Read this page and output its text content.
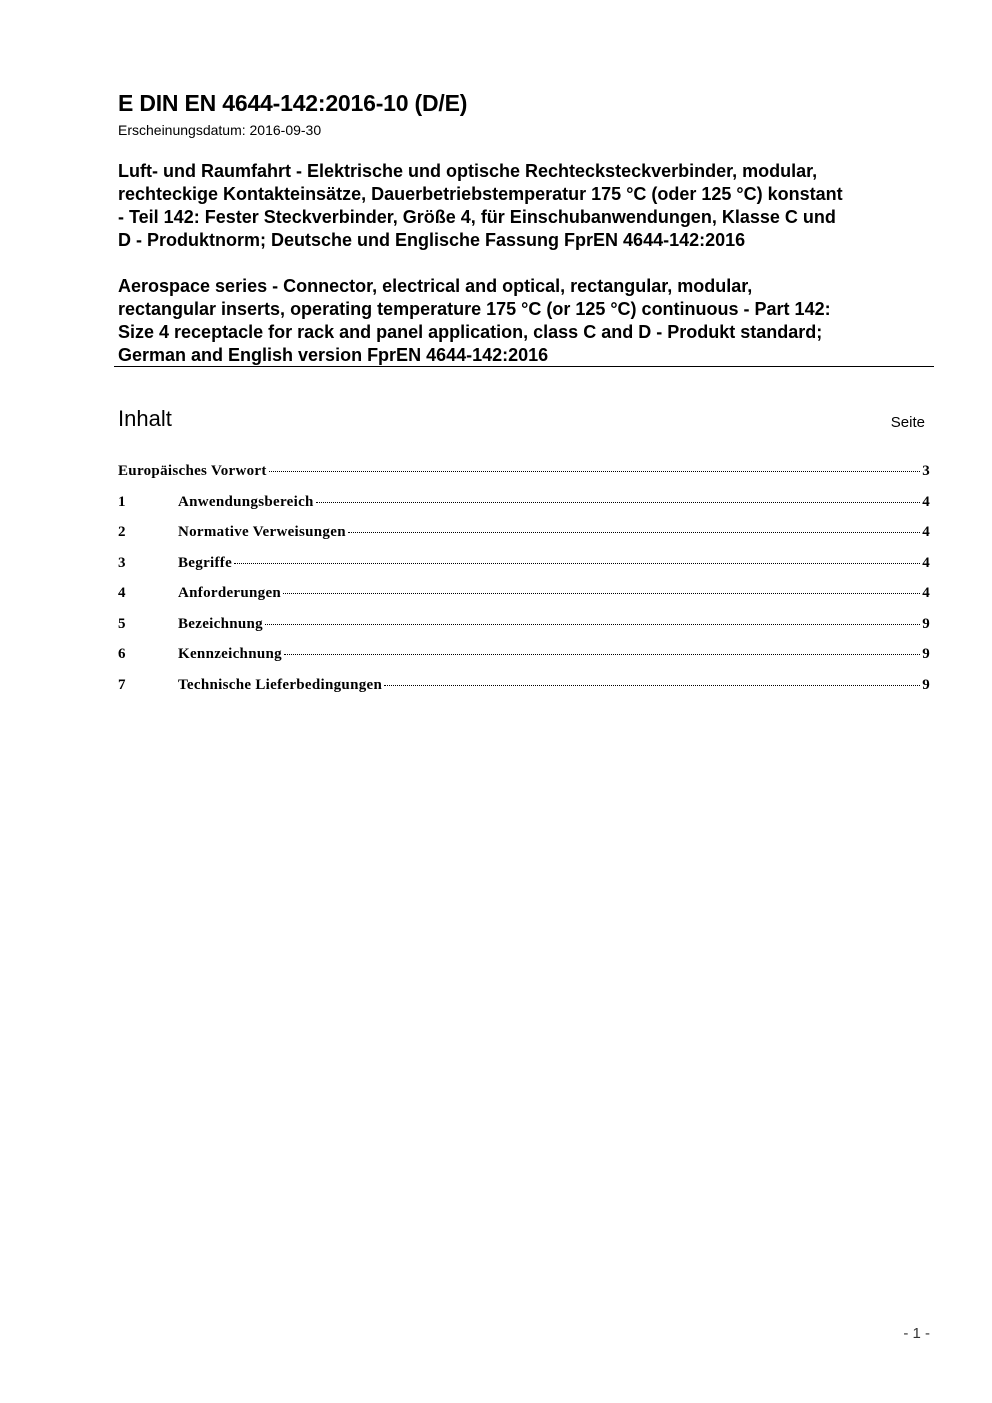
E DIN EN 4644-142:2016-10 (D/E)
Erscheinungsdatum: 2016-09-30
Luft- und Raumfahrt - Elektrische und optische Rechtecksteckverbinder, modular,
rechteckige Kontakteinsätze, Dauerbetriebstemperatur 175 °C (oder 125 °C) konstant
- Teil 142: Fester Steckverbinder, Größe 4, für Einschubanwendungen, Klasse C und
D - Produktnorm; Deutsche und Englische Fassung FprEN 4644-142:2016
Aerospace series - Connector, electrical and optical, rectangular, modular,
rectangular inserts, operating temperature 175 °C (or 125 °C) continuous - Part 142:
Size 4 receptacle for rack and panel application, class C and D - Produkt standard;
German and English version FprEN 4644-142:2016
Inhalt	Seite
Europäisches Vorwort	3
1	Anwendungsbereich	4
2	Normative Verweisungen	4
3	Begriffe	4
4	Anforderungen	4
5	Bezeichnung	9
6	Kennzeichnung	9
7	Technische Lieferbedingungen	9
- 1 -
